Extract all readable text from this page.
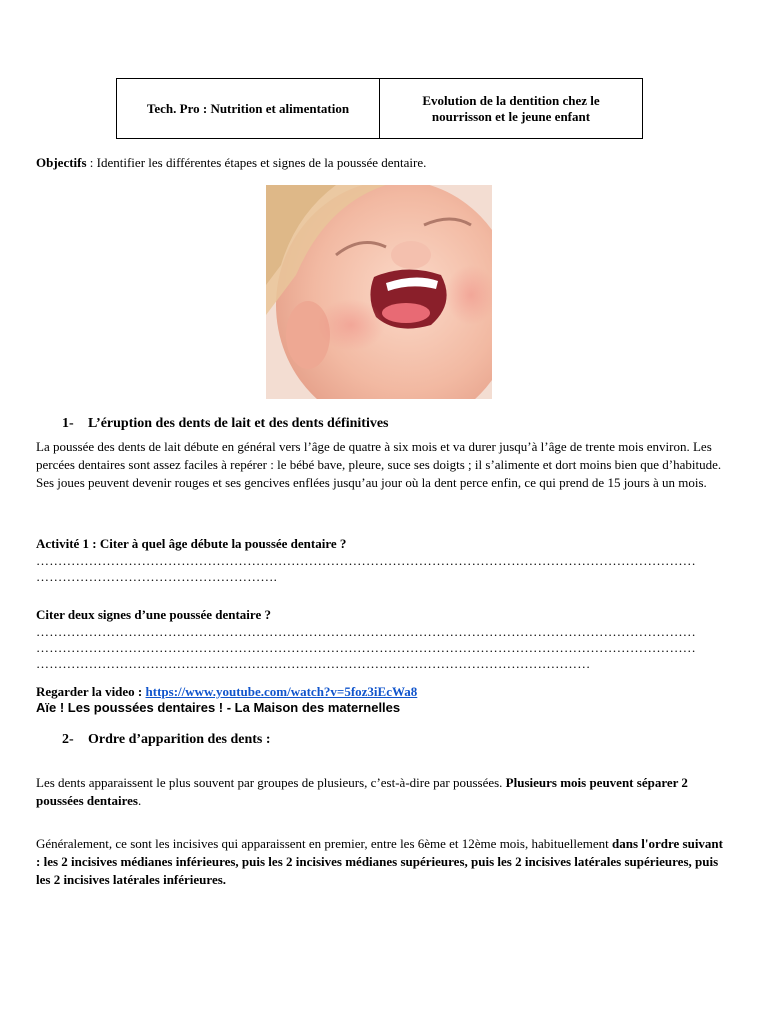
Tech. Pro : Nutrition et alimentation
Evolution de la dentition chez le nourrisson et le jeune enfant
Objectifs : Identifier les différentes étapes et signes de la poussée dentaire.
1- L’éruption des dents de lait et des dents définitives
La poussée des dents de lait débute en général vers l’âge de quatre à six mois et va durer jusqu’à l’âge de trente mois environ. Les percées dentaires sont assez faciles à repérer : le bébé bave, pleure, suce ses doigts ; il s’alimente et dort moins bien que d’habitude. Ses joues peuvent devenir rouges et ses gencives enflées jusqu’au jour où la dent perce enfin, ce qui prend de 15 jours à un mois.
Activité 1 : Citer à quel âge débute la poussée dentaire ?
……………………………………………………………………………………………………………………………………
……………………………………………….
Citer deux signes d’une poussée dentaire ?
……………………………………………………………………………………………………………………………………
……………………………………………………………………………………………………………………………………
………………………………………………………………………………………………………………
Regarder la video : https://www.youtube.com/watch?v=5foz3iEcWa8
Aïe ! Les poussées dentaires ! - La Maison des maternelles
2- Ordre d’apparition des dents :
Les dents apparaissent le plus souvent par groupes de plusieurs, c’est-à-dire par poussées. Plusieurs mois peuvent séparer 2 poussées dentaires.
Généralement, ce sont les incisives qui apparaissent en premier, entre les 6ème et 12ème mois, habituellement dans l'ordre suivant : les 2 incisives médianes inférieures, puis les 2 incisives médianes supérieures, puis les 2 incisives latérales supérieures, puis les 2 incisives latérales inférieures.
